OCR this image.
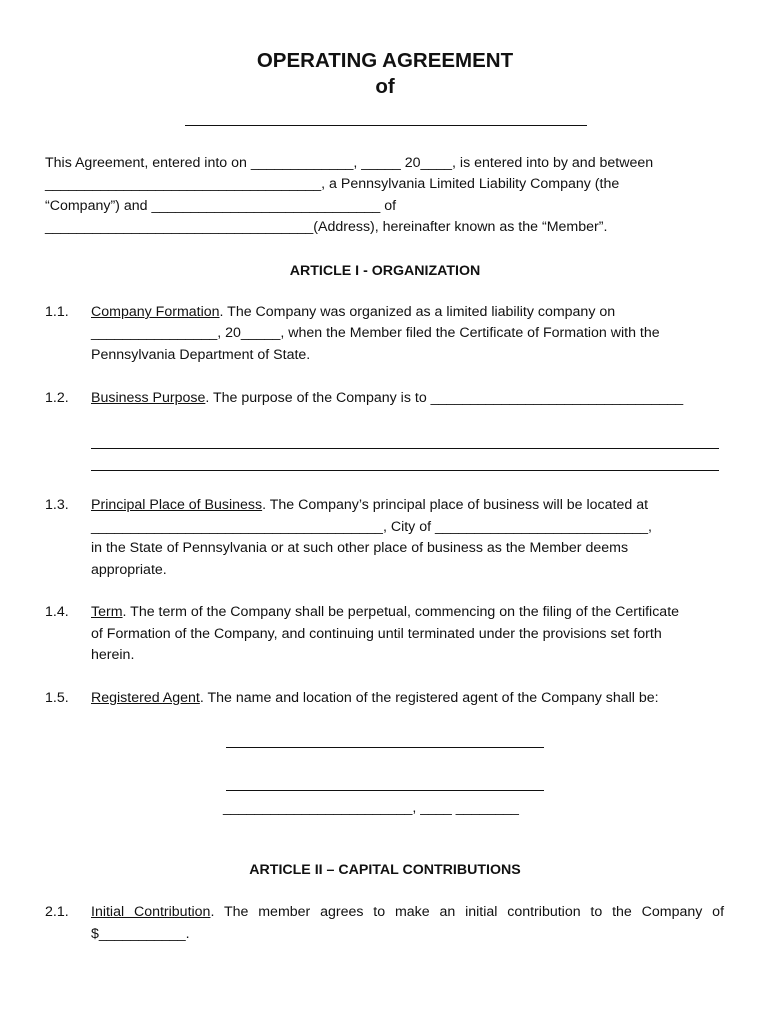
OPERATING AGREEMENT
of
This Agreement, entered into on _____________, _____ 20____, is entered into by and between
___________________________________, a Pennsylvania Limited Liability Company (the
“Company”) and _____________________________ of
__________________________________(Address), hereinafter known as the “Member”.
ARTICLE I - ORGANIZATION
1.1. Company Formation. The Company was organized as a limited liability company on
________________, 20_____, when the Member filed the Certificate of Formation with the
Pennsylvania Department of State.
1.2. Business Purpose. The purpose of the Company is to ________________________________
1.3. Principal Place of Business. The Company’s principal place of business will be located at
_____________________________________, City of ___________________________,
in the State of Pennsylvania or at such other place of business as the Member deems
appropriate.
1.4. Term. The term of the Company shall be perpetual, commencing on the filing of the Certificate
of Formation of the Company, and continuing until terminated under the provisions set forth
herein.
1.5. Registered Agent. The name and location of the registered agent of the Company shall be:
________________________, ____ ________
ARTICLE II – CAPITAL CONTRIBUTIONS
2.1. Initial Contribution. The member agrees to make an initial contribution to the Company of
$___________.
